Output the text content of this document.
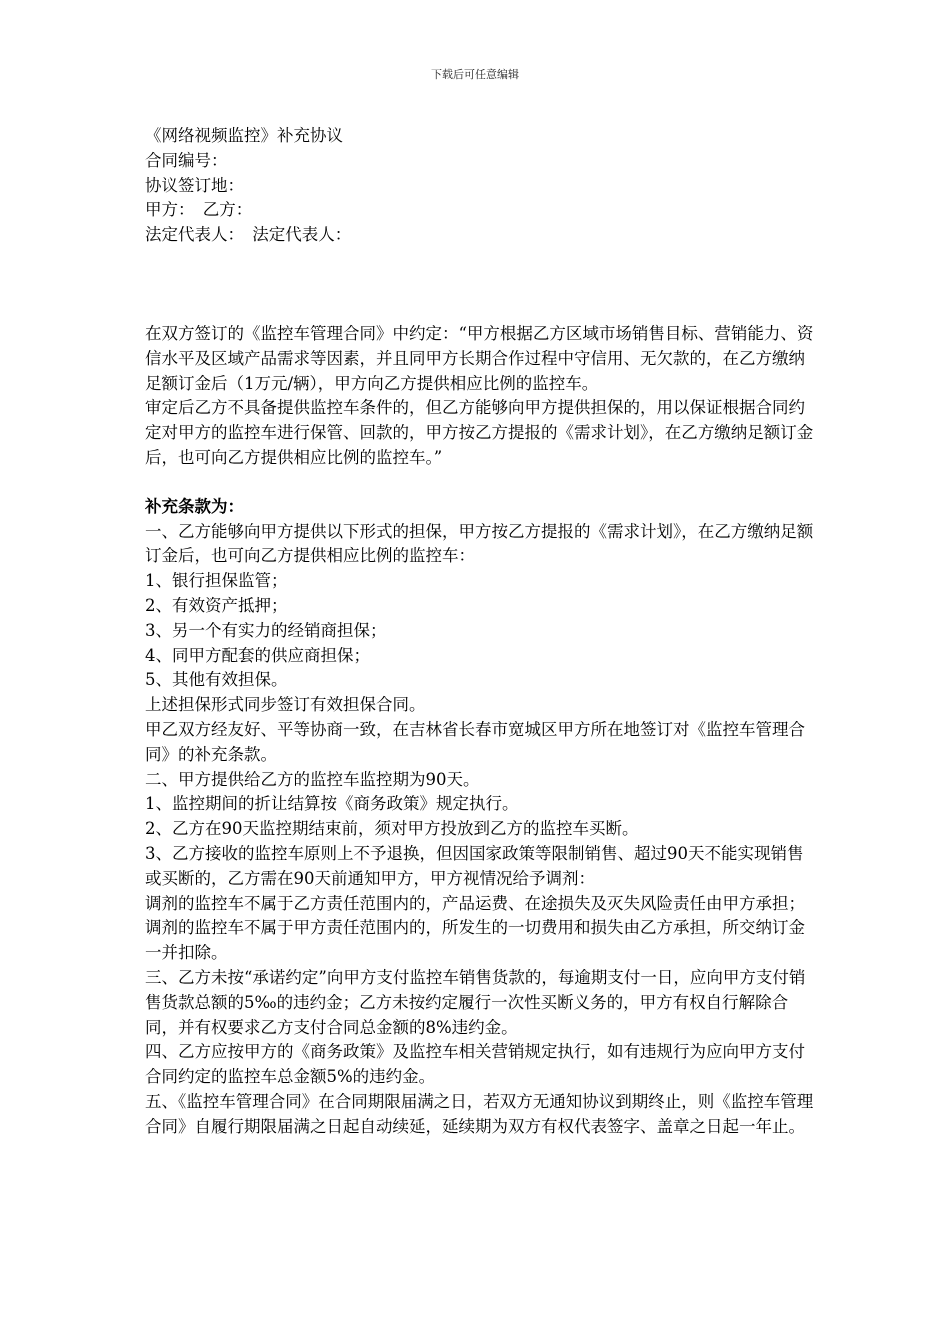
下载后可任意编辑

《网络视频监控》补充协议

合同编号：

协议签订地：

甲方：　乙方：

法定代表人：　法定代表人：

在双方签订的《监控车管理合同》中约定：“甲方根据乙方区域市场销售目标、营销能力、资信水平及区域产品需求等因素，并且同甲方长期合作过程中守信用、无欠款的，在乙方缴纳足额订金后（1万元/辆），甲方向乙方提供相应比例的监控车。

审定后乙方不具备提供监控车条件的，但乙方能够向甲方提供担保的，用以保证根据合同约定对甲方的监控车进行保管、回款的，甲方按乙方提报的《需求计划》，在乙方缴纳足额订金后，也可向乙方提供相应比例的监控车。”

补充条款为：

一、乙方能够向甲方提供以下形式的担保，甲方按乙方提报的《需求计划》，在乙方缴纳足额订金后，也可向乙方提供相应比例的监控车：

1、银行担保监管；

2、有效资产抵押；

3、另一个有实力的经销商担保；

4、同甲方配套的供应商担保；

5、其他有效担保。

上述担保形式同步签订有效担保合同。

甲乙双方经友好、平等协商一致，在吉林省长春市宽城区甲方所在地签订对《监控车管理合同》的补充条款。

二、甲方提供给乙方的监控车监控期为90天。

1、监控期间的折让结算按《商务政策》规定执行。

2、乙方在90天监控期结束前，须对甲方投放到乙方的监控车买断。

3、乙方接收的监控车原则上不予退换，但因国家政策等限制销售、超过90天不能实现销售或买断的，乙方需在90天前通知甲方，甲方视情况给予调剂：

调剂的监控车不属于乙方责任范围内的，产品运费、在途损失及灭失风险责任由甲方承担；

调剂的监控车不属于甲方责任范围内的，所发生的一切费用和损失由乙方承担，所交纳订金一并扣除。

三、乙方未按“承诺约定”向甲方支付监控车销售货款的，每逾期支付一日，应向甲方支付销售货款总额的5‰的违约金；乙方未按约定履行一次性买断义务的，甲方有权自行解除合同，并有权要求乙方支付合同总金额的8%违约金。

四、乙方应按甲方的《商务政策》及监控车相关营销规定执行，如有违规行为应向甲方支付合同约定的监控车总金额5%的违约金。

五、《监控车管理合同》在合同期限届满之日，若双方无通知协议到期终止，则《监控车管理合同》自履行期限届满之日起自动续延，延续期为双方有权代表签字、盖章之日起一年止。
